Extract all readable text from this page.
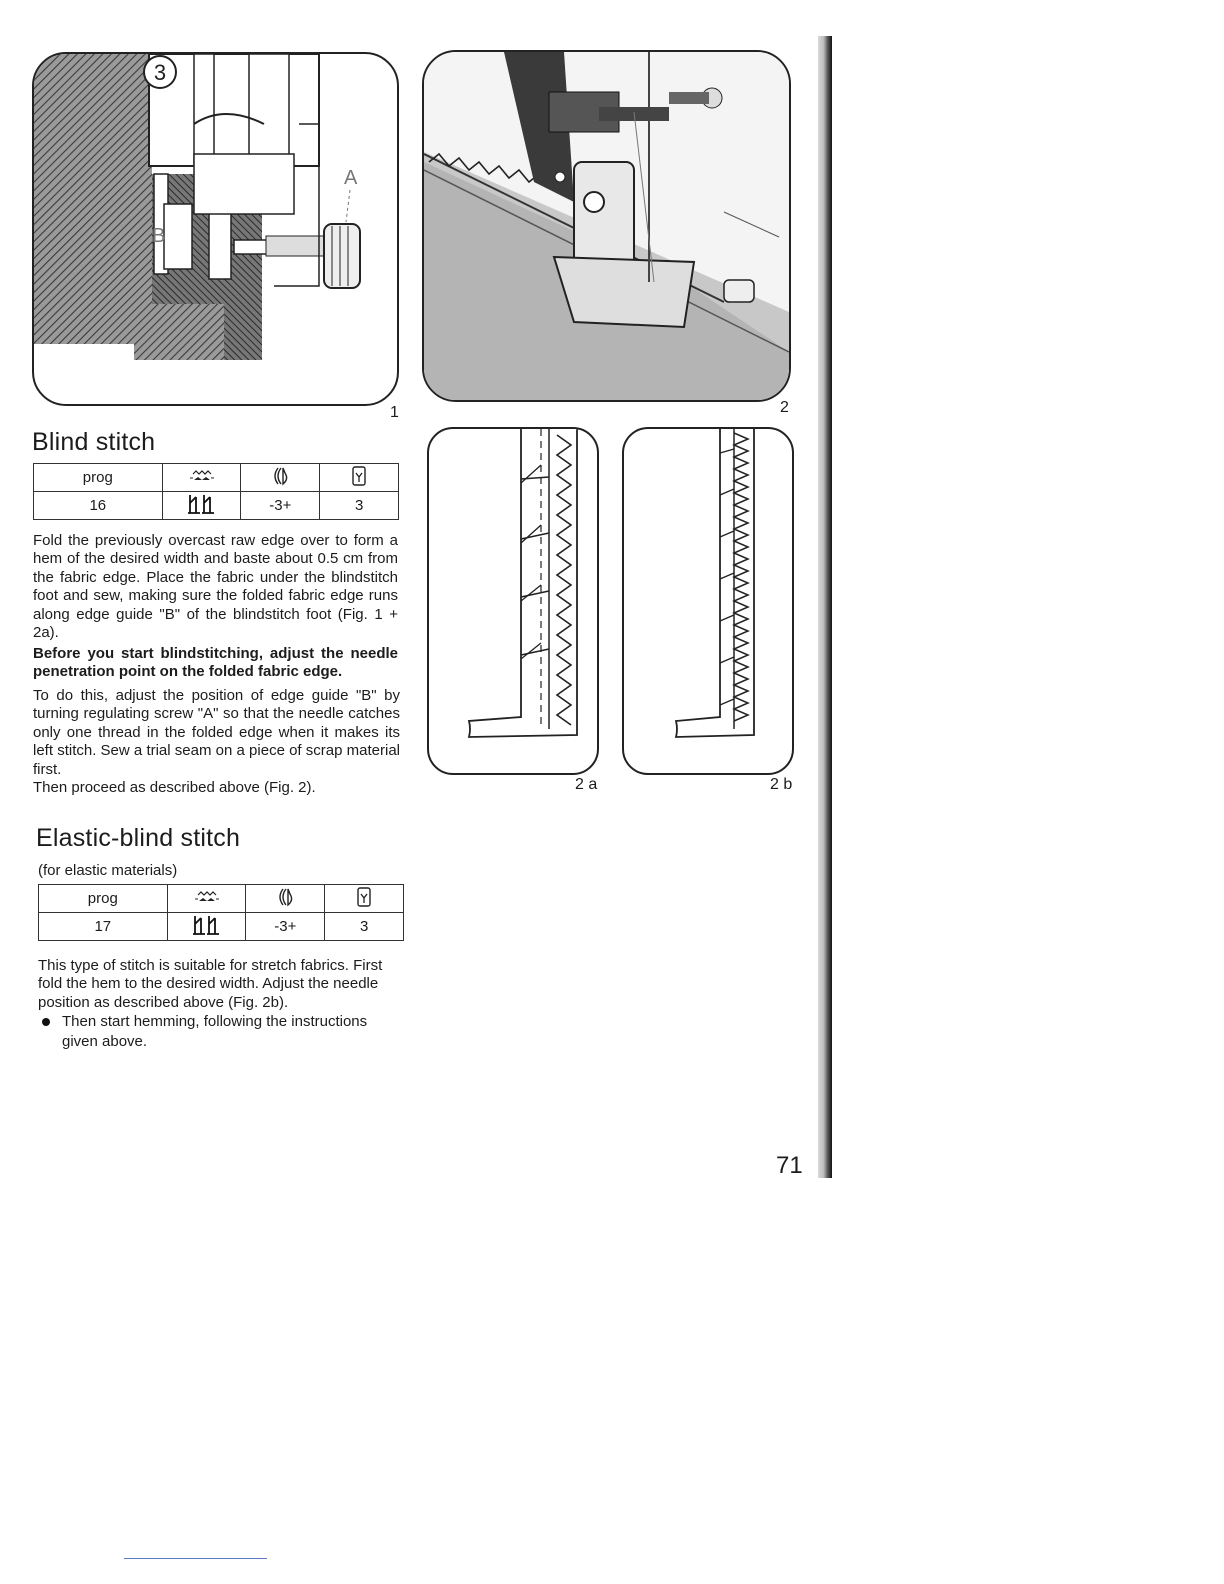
3
A
B
1	2
2 a	2 b
Blind stitch
prog			
16		-3+	3

Fold the previously overcast raw edge over to form a hem of the desired width and baste about 0.5 cm from the fabric edge. Place the fabric under the blindstitch foot and sew, making sure the folded fabric edge runs along edge guide "B" of the blindstitch foot (Fig. 1 + 2a).

Before you start blindstitching, adjust the needle penetration point on the folded fabric edge.

To do this, adjust the position of edge guide "B" by turning regulating screw "A" so that the needle catches only one thread in the folded edge when it makes its left stitch. Sew a trial seam on a piece of scrap material first.

Then proceed as described above (Fig. 2).

Elastic-blind stitch
(for elastic materials)
prog			
17		-3+	3

This type of stitch is suitable for stretch fabrics. First fold the hem to the desired width. Adjust the needle position as described above (Fig. 2b).

Then start hemming, following the instructions given above.
71
